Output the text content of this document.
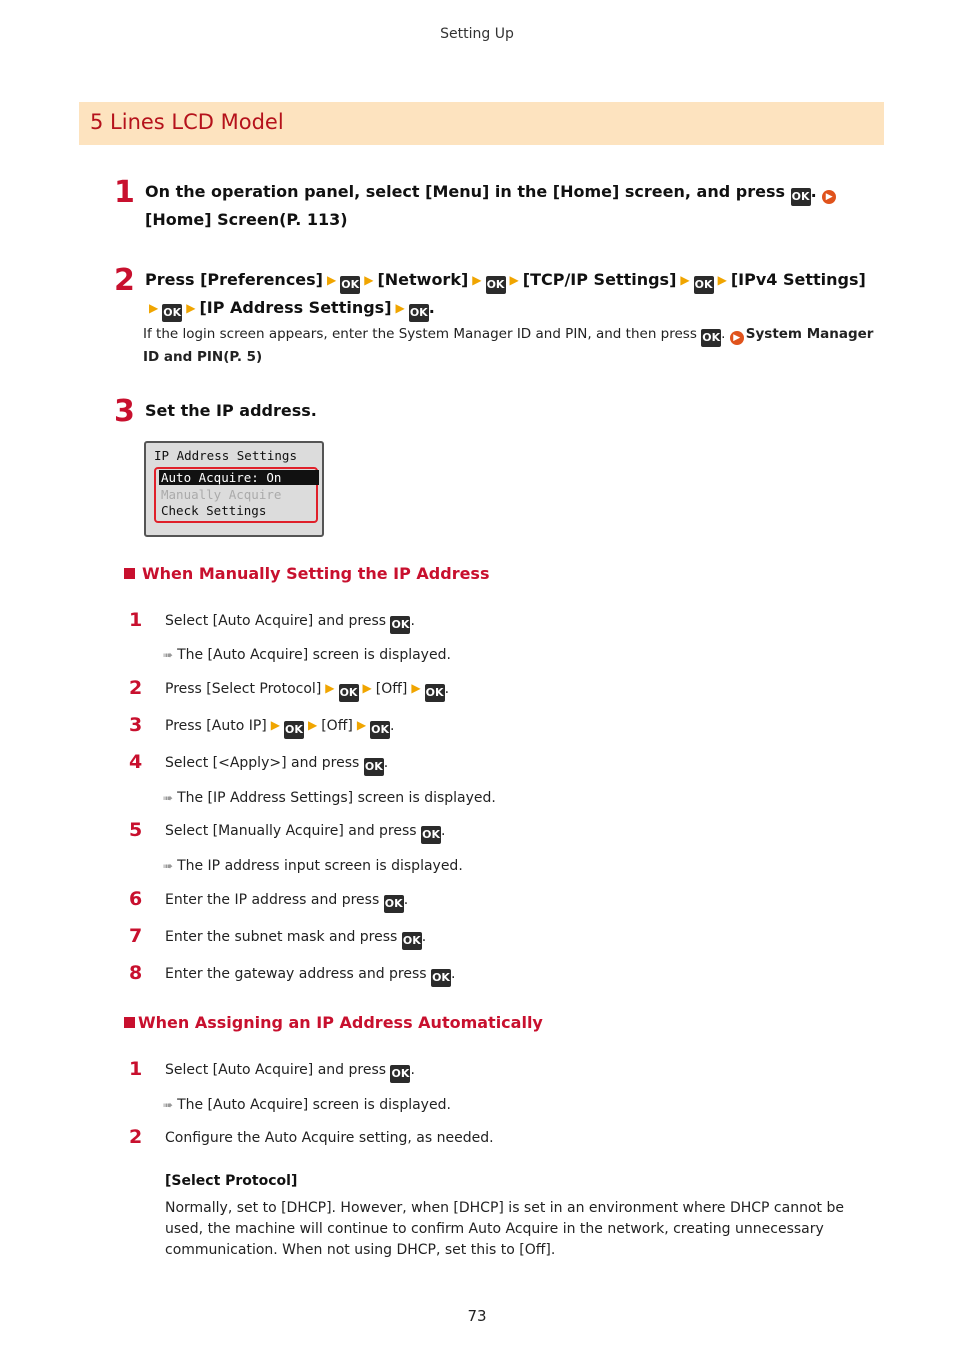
Setting Up
5 Lines LCD Model
1 On the operation panel, select [Menu] in the [Home] screen, and press OK. ▶[Home] Screen(P. 113)
2 Press [Preferences] ▶ OK ▶ [Network] ▶ OK ▶ [TCP/IP Settings] ▶ OK ▶ [IPv4 Settings]
▶ OK ▶ [IP Address Settings] ▶ OK.
If the login screen appears, enter the System Manager ID and PIN, and then press OK. ▶ System Manager ID and PIN(P. 5)
3 Set the IP address.
IP Address Settings
Auto Acquire: On
Manually Acquire
Check Settings
When Manually Setting the IP Address
1 Select [Auto Acquire] and press OK.
➠ The [Auto Acquire] screen is displayed.
2 Press [Select Protocol] ▶ OK ▶ [Off] ▶ OK.
3 Press [Auto IP] ▶ OK ▶ [Off] ▶ OK.
4 Select [<Apply>] and press OK.
➠ The [IP Address Settings] screen is displayed.
5 Select [Manually Acquire] and press OK.
➠ The IP address input screen is displayed.
6 Enter the IP address and press OK.
7 Enter the subnet mask and press OK.
8 Enter the gateway address and press OK.
When Assigning an IP Address Automatically
1 Select [Auto Acquire] and press OK.
➠ The [Auto Acquire] screen is displayed.
2 Configure the Auto Acquire setting, as needed.
[Select Protocol]
Normally, set to [DHCP]. However, when [DHCP] is set in an environment where DHCP cannot be used, the machine will continue to confirm Auto Acquire in the network, creating unnecessary communication. When not using DHCP, set this to [Off].
73
